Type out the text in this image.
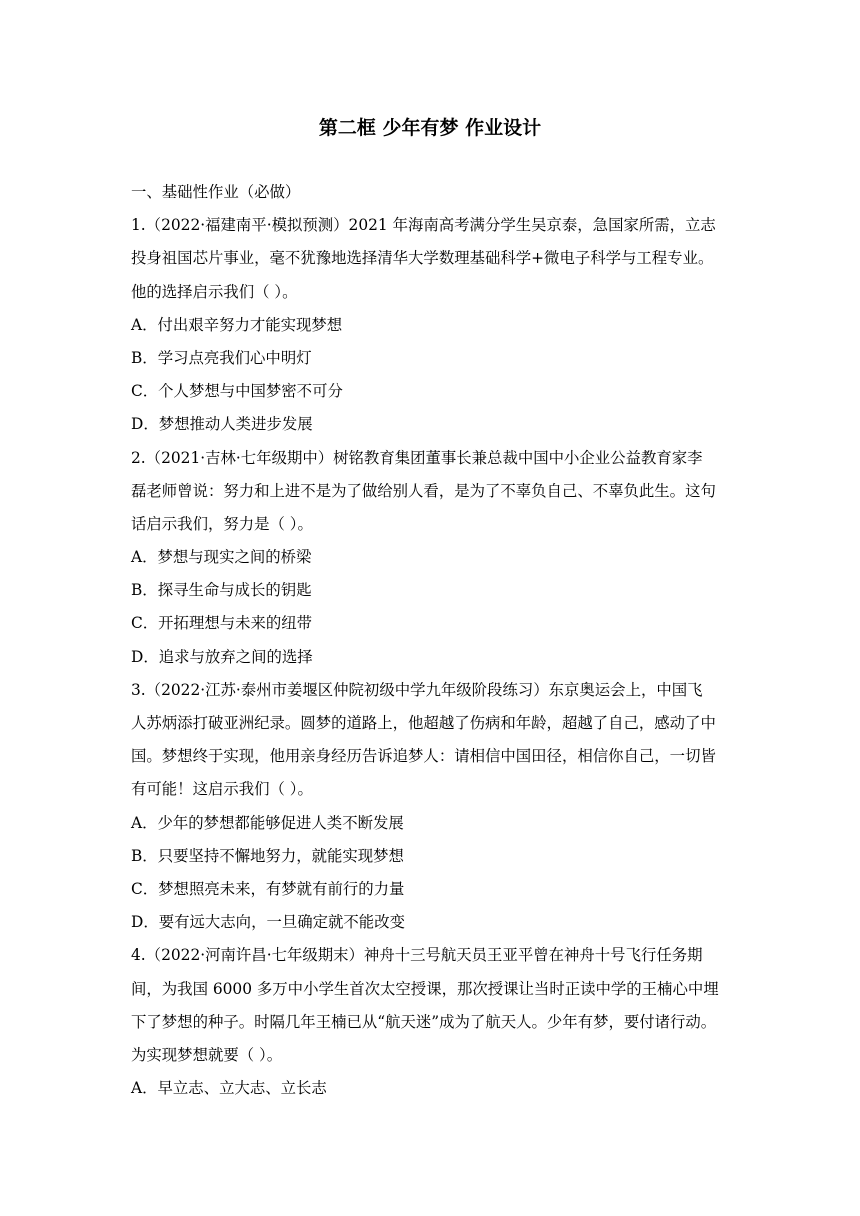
第二框 少年有梦 作业设计
一、基础性作业（必做）
1.（2022·福建南平·模拟预测）2021 年海南高考满分学生吴京泰，急国家所需，立志
投身祖国芯片事业，毫不犹豫地选择清华大学数理基础科学+微电子科学与工程专业。
他的选择启示我们（ ）。
A．付出艰辛努力才能实现梦想
B．学习点亮我们心中明灯
C．个人梦想与中国梦密不可分
D．梦想推动人类进步发展
2.（2021·吉林·七年级期中）树铭教育集团董事长兼总裁中国中小企业公益教育家李
磊老师曾说：努力和上进不是为了做给别人看，是为了不辜负自己、不辜负此生。这句
话启示我们，努力是（ ）。
A．梦想与现实之间的桥梁
B．探寻生命与成长的钥匙
C．开拓理想与未来的纽带
D．追求与放弃之间的选择
3.（2022·江苏·泰州市姜堰区仲院初级中学九年级阶段练习）东京奥运会上，中国飞
人苏炳添打破亚洲纪录。圆梦的道路上，他超越了伤病和年龄，超越了自己，感动了中
国。梦想终于实现，他用亲身经历告诉追梦人：请相信中国田径，相信你自己，一切皆
有可能！这启示我们（ ）。
A．少年的梦想都能够促进人类不断发展
B．只要坚持不懈地努力，就能实现梦想
C．梦想照亮未来，有梦就有前行的力量
D．要有远大志向，一旦确定就不能改变
4.（2022·河南许昌·七年级期末）神舟十三号航天员王亚平曾在神舟十号飞行任务期
间，为我国 6000 多万中小学生首次太空授课，那次授课让当时正读中学的王楠心中埋
下了梦想的种子。时隔几年王楠已从“航天迷”成为了航天人。少年有梦，要付诸行动。
为实现梦想就要（ ）。
A．早立志、立大志、立长志
